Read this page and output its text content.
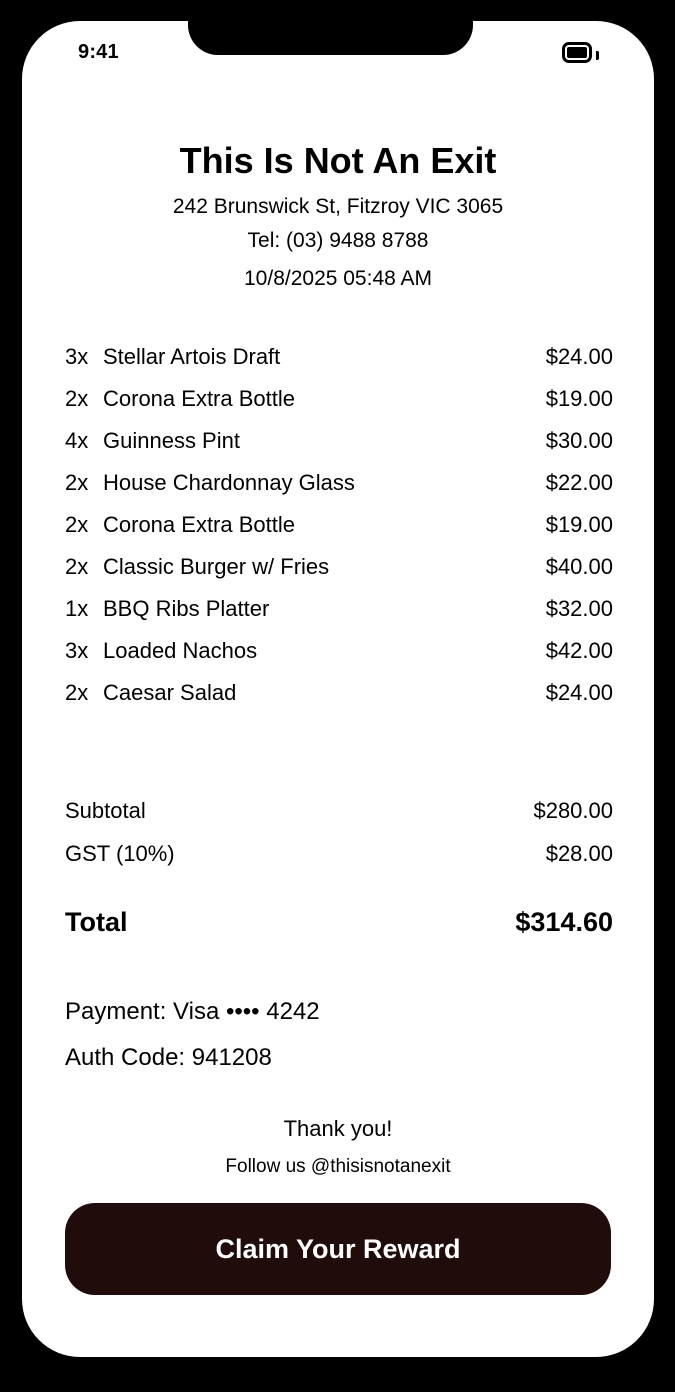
9:41
This Is Not An Exit
242 Brunswick St, Fitzroy VIC 3065
Tel: (03) 9488 8788
10/8/2025 05:48 AM
3x Stellar Artois Draft	$24.00
2x Corona Extra Bottle	$19.00
4x Guinness Pint	$30.00
2x House Chardonnay Glass	$22.00
2x Corona Extra Bottle	$19.00
2x Classic Burger w/ Fries	$40.00
1x BBQ Ribs Platter	$32.00
3x Loaded Nachos	$42.00
2x Caesar Salad	$24.00
Subtotal	$280.00
GST (10%)	$28.00
Total	$314.60
Payment: Visa •••• 4242
Auth Code: 941208
Thank you!
Follow us @thisisnotanexit
Claim Your Reward
